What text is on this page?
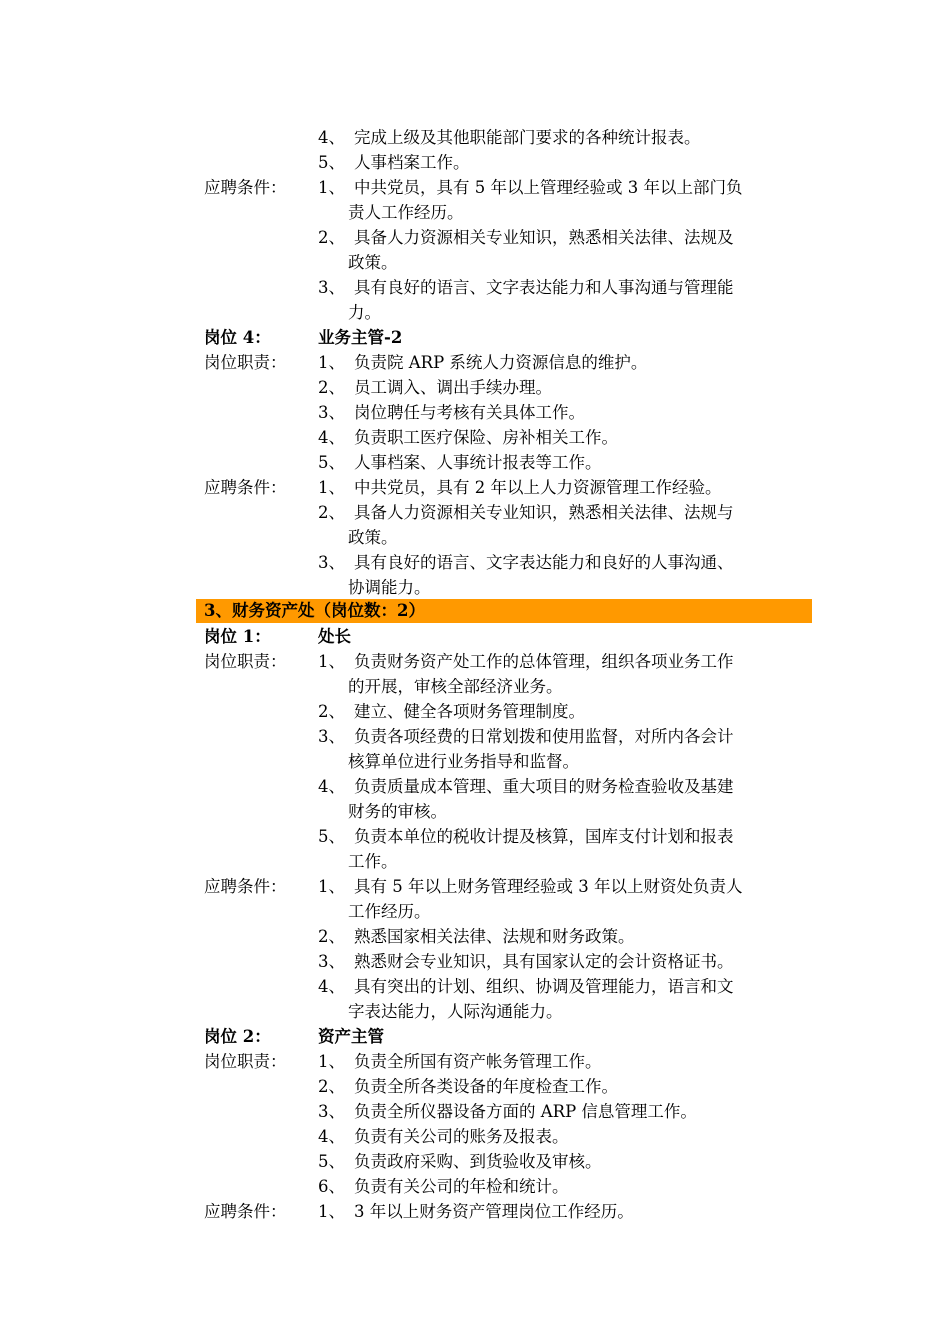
4、 完成上级及其他职能部门要求的各种统计报表。
5、 人事档案工作。
应聘条件： 1、 中共党员，具有 5 年以上管理经验或 3 年以上部门负
责人工作经历。
2、 具备人力资源相关专业知识，熟悉相关法律、法规及
政策。
3、 具有良好的语言、文字表达能力和人事沟通与管理能
力。
岗位 4：	业务主管-2
岗位职责： 1、 负责院 ARP 系统人力资源信息的维护。
2、 员工调入、调出手续办理。
3、 岗位聘任与考核有关具体工作。
4、 负责职工医疗保险、房补相关工作。
5、 人事档案、人事统计报表等工作。
应聘条件： 1、 中共党员，具有 2 年以上人力资源管理工作经验。
2、 具备人力资源相关专业知识，熟悉相关法律、法规与
政策。
3、 具有良好的语言、文字表达能力和良好的人事沟通、
协调能力。
3、财务资产处（岗位数：2）
岗位 1：	处长
岗位职责： 1、 负责财务资产处工作的总体管理，组织各项业务工作
的开展，审核全部经济业务。
2、 建立、健全各项财务管理制度。
3、 负责各项经费的日常划拨和使用监督，对所内各会计
核算单位进行业务指导和监督。
4、 负责质量成本管理、重大项目的财务检查验收及基建
财务的审核。
5、 负责本单位的税收计提及核算，国库支付计划和报表
工作。
应聘条件： 1、 具有 5 年以上财务管理经验或 3 年以上财资处负责人
工作经历。
2、 熟悉国家相关法律、法规和财务政策。
3、 熟悉财会专业知识，具有国家认定的会计资格证书。
4、 具有突出的计划、组织、协调及管理能力，语言和文
字表达能力，人际沟通能力。
岗位 2：	资产主管
岗位职责： 1、 负责全所国有资产帐务管理工作。
2、 负责全所各类设备的年度检查工作。
3、 负责全所仪器设备方面的 ARP 信息管理工作。
4、 负责有关公司的账务及报表。
5、 负责政府采购、到货验收及审核。
6、 负责有关公司的年检和统计。
应聘条件： 1、 3 年以上财务资产管理岗位工作经历。
